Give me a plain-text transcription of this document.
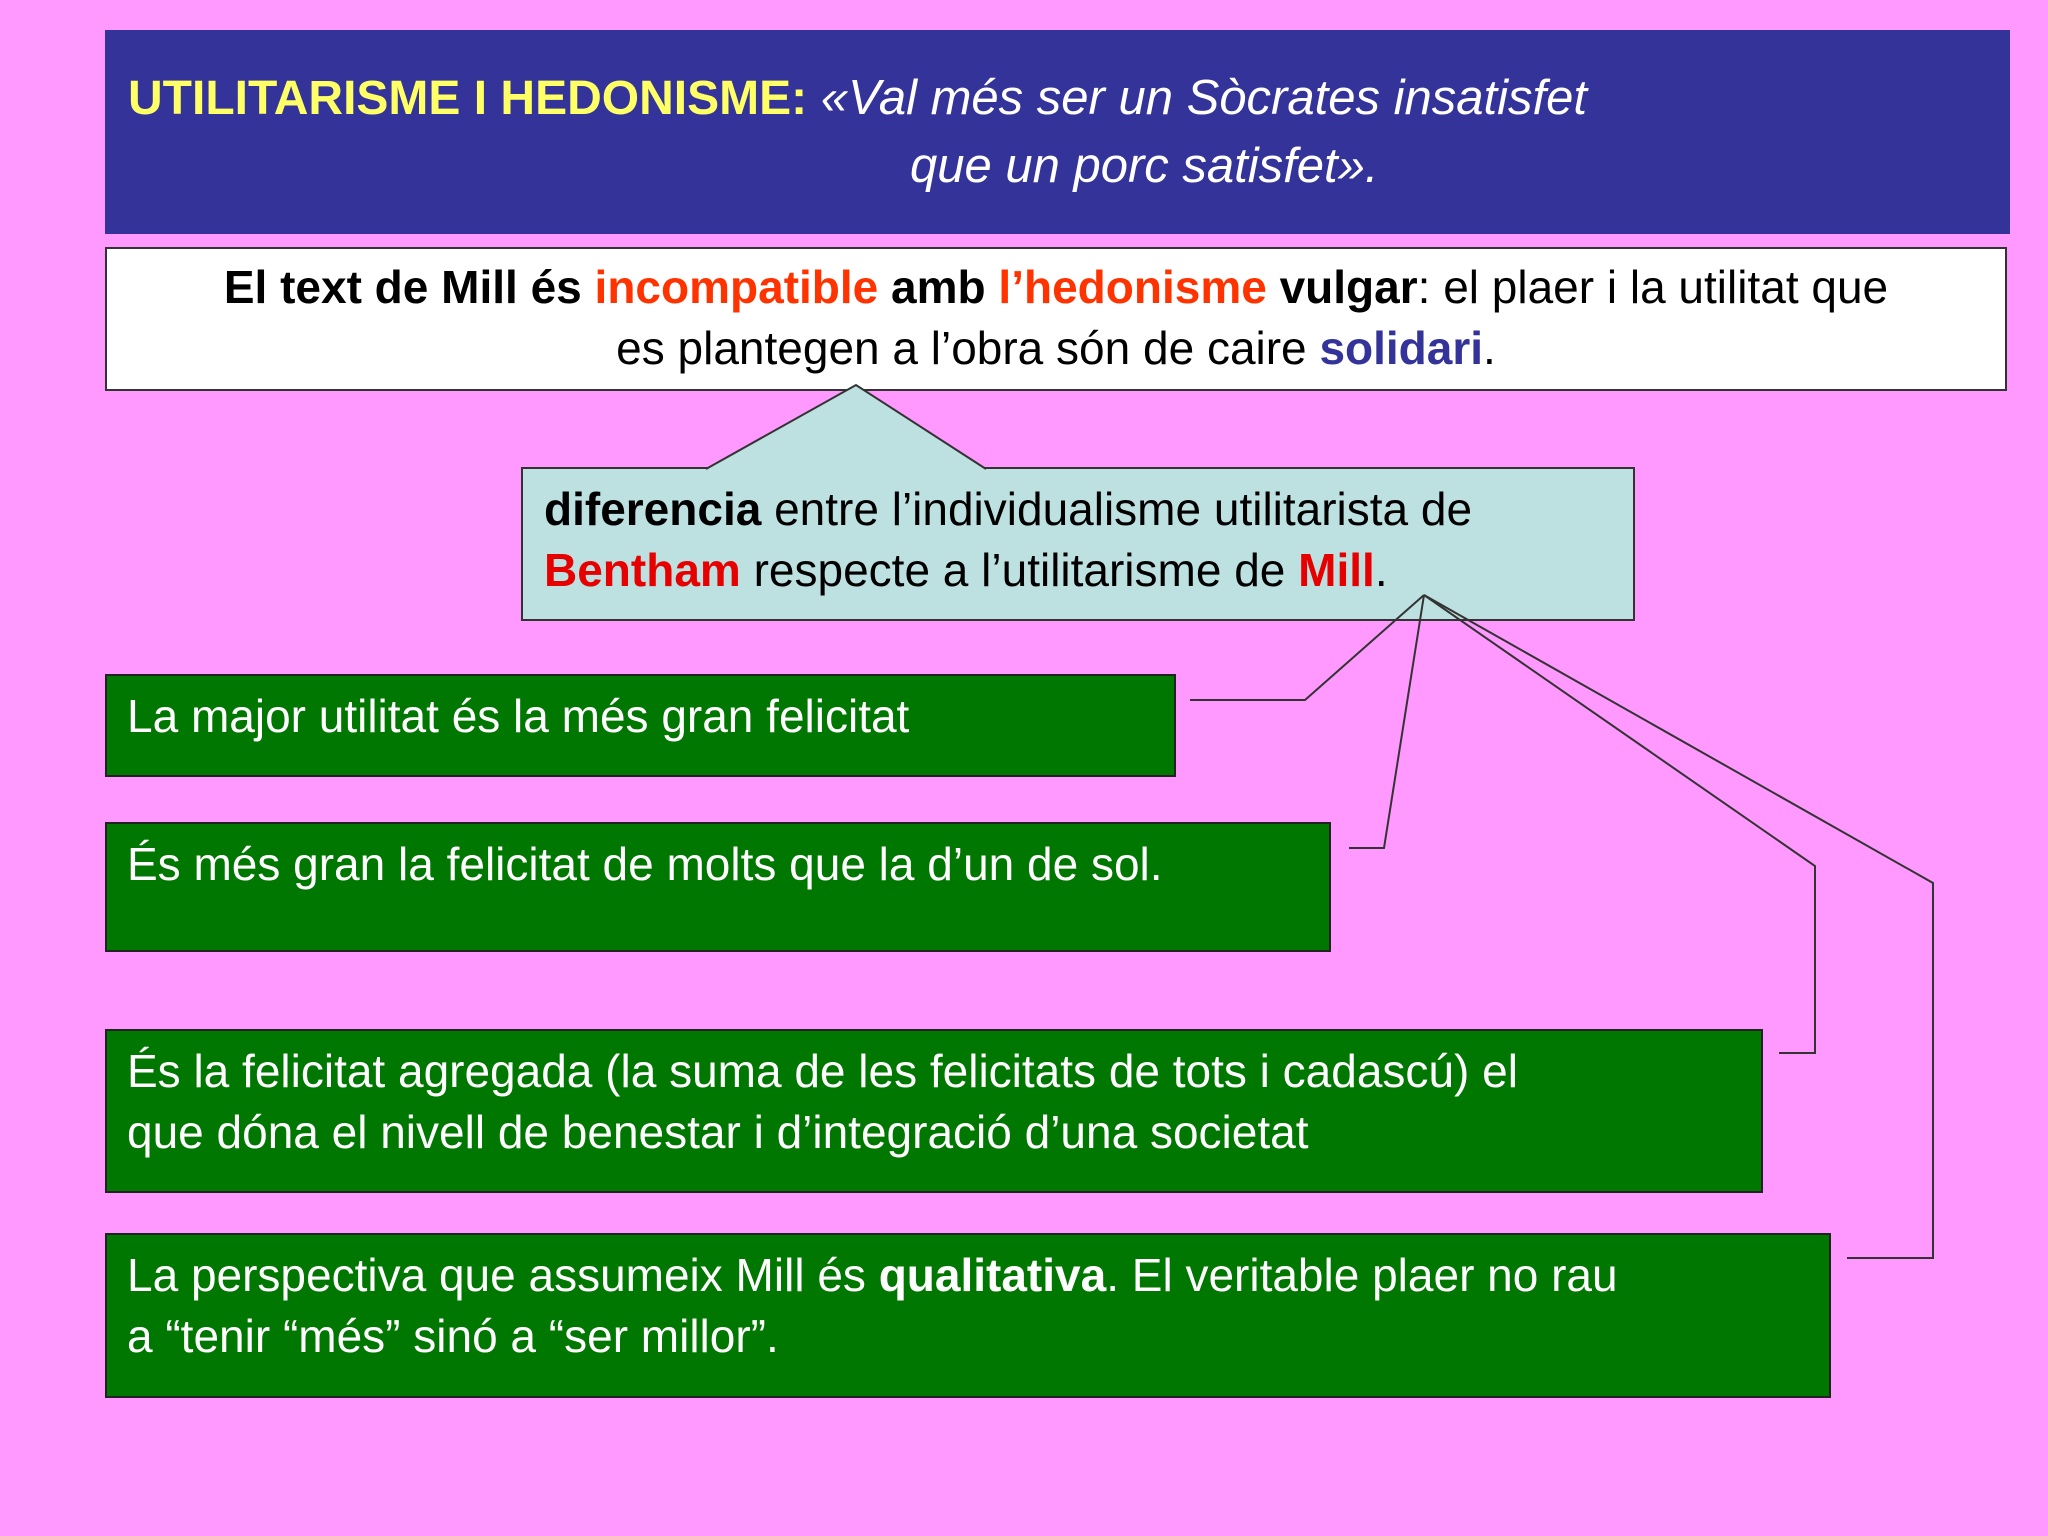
UTILITARISME I HEDONISME: «Val més ser un Sòcrates insatisfet
que un porc satisfet».
El text de Mill és incompatible amb l’hedonisme vulgar: el plaer i la utilitat que
es plantegen a l’obra són de caire solidari.
diferencia entre l’individualisme utilitarista de
Bentham respecte a l’utilitarisme de Mill.
La major utilitat és la més gran felicitat
És més gran la felicitat de molts que la d’un de sol.
És la felicitat agregada (la suma de les felicitats de tots i cadascú) el
que dóna el nivell de benestar i d’integració d’una societat
La perspectiva que assumeix Mill és qualitativa. El veritable plaer no rau
a “tenir “més” sinó a “ser millor”.
